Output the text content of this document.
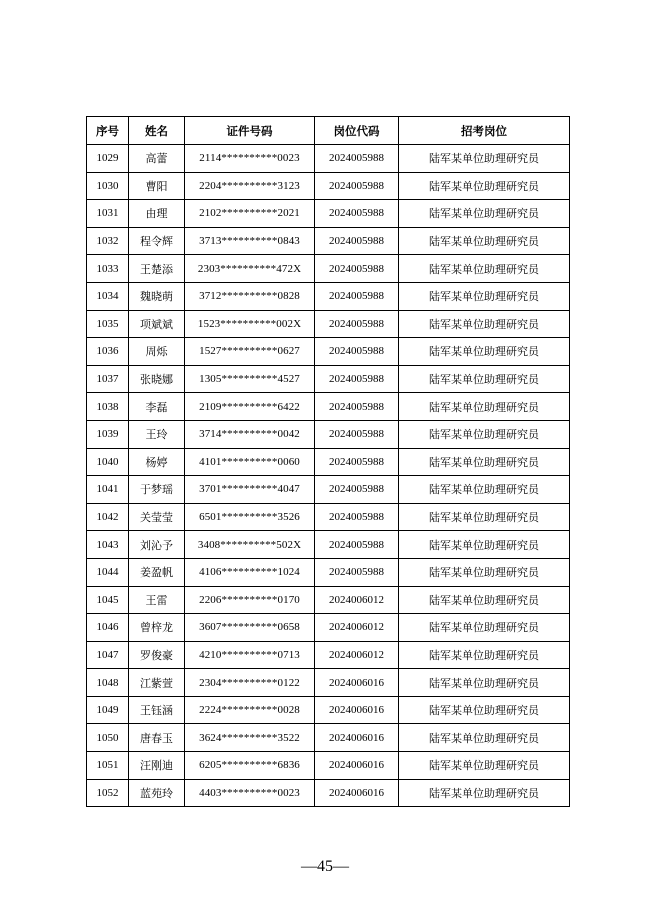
序号	姓名	证件号码	岗位代码	招考岗位
1029	高蕾	2114**********0023	2024005988	陆军某单位助理研究员
1030	曹阳	2204**********3123	2024005988	陆军某单位助理研究员
1031	由理	2102**********2021	2024005988	陆军某单位助理研究员
1032	程令辉	3713**********0843	2024005988	陆军某单位助理研究员
1033	王楚添	2303**********472X	2024005988	陆军某单位助理研究员
1034	魏晓萌	3712**********0828	2024005988	陆军某单位助理研究员
1035	项斌斌	1523**********002X	2024005988	陆军某单位助理研究员
1036	周烁	1527**********0627	2024005988	陆军某单位助理研究员
1037	张晓娜	1305**********4527	2024005988	陆军某单位助理研究员
1038	李磊	2109**********6422	2024005988	陆军某单位助理研究员
1039	王玲	3714**********0042	2024005988	陆军某单位助理研究员
1040	杨婷	4101**********0060	2024005988	陆军某单位助理研究员
1041	于梦瑶	3701**********4047	2024005988	陆军某单位助理研究员
1042	关莹莹	6501**********3526	2024005988	陆军某单位助理研究员
1043	刘沁予	3408**********502X	2024005988	陆军某单位助理研究员
1044	姜盈帆	4106**********1024	2024005988	陆军某单位助理研究员
1045	王雷	2206**********0170	2024006012	陆军某单位助理研究员
1046	曾梓龙	3607**********0658	2024006012	陆军某单位助理研究员
1047	罗俊豪	4210**********0713	2024006012	陆军某单位助理研究员
1048	江紫萱	2304**********0122	2024006016	陆军某单位助理研究员
1049	王钰涵	2224**********0028	2024006016	陆军某单位助理研究员
1050	唐春玉	3624**********3522	2024006016	陆军某单位助理研究员
1051	汪刚迪	6205**********6836	2024006016	陆军某单位助理研究员
1052	蓝苑玲	4403**********0023	2024006016	陆军某单位助理研究员
—45—
